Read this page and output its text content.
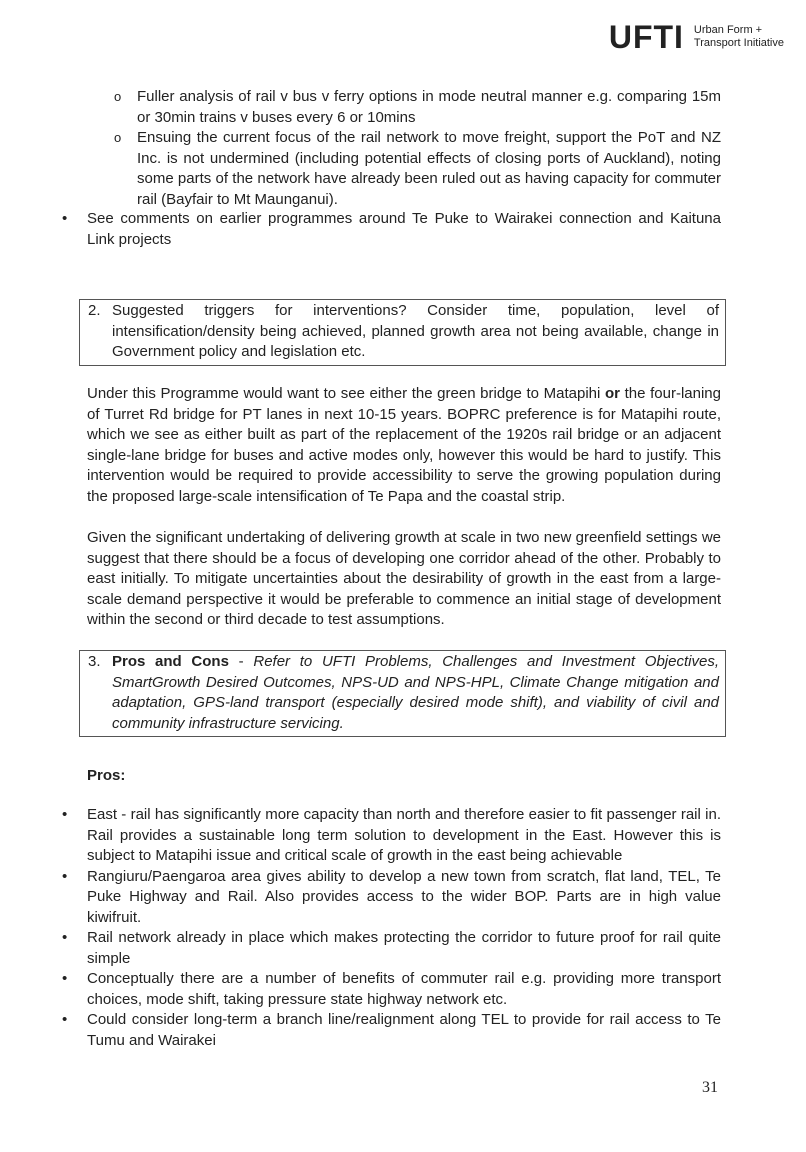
UFTI Urban Form +
Transport Initiative
o Fuller analysis of rail v bus v ferry options in mode neutral manner e.g. comparing 15m or 30min trains v buses every 6 or 10mins
o Ensuing the current focus of the rail network to move freight, support the PoT and NZ Inc. is not undermined (including potential effects of closing ports of Auckland), noting some parts of the network have already been ruled out as having capacity for commuter rail (Bayfair to Mt Maunganui).
• See comments on earlier programmes around Te Puke to Wairakei connection and Kaituna Link projects
2. Suggested triggers for interventions? Consider time, population, level of intensification/density being achieved, planned growth area not being available, change in Government policy and legislation etc.
Under this Programme would want to see either the green bridge to Matapihi or the four-laning of Turret Rd bridge for PT lanes in next 10-15 years. BOPRC preference is for Matapihi route, which we see as either built as part of the replacement of the 1920s rail bridge or an adjacent single-lane bridge for buses and active modes only, however this would be hard to justify. This intervention would be required to provide accessibility to serve the growing population during the proposed large-scale intensification of Te Papa and the coastal strip.
Given the significant undertaking of delivering growth at scale in two new greenfield settings we suggest that there should be a focus of developing one corridor ahead of the other. Probably to east initially. To mitigate uncertainties about the desirability of growth in the east from a large-scale demand perspective it would be preferable to commence an initial stage of development within the second or third decade to test assumptions.
3. Pros and Cons - Refer to UFTI Problems, Challenges and Investment Objectives, SmartGrowth Desired Outcomes, NPS-UD and NPS-HPL, Climate Change mitigation and adaptation, GPS-land transport (especially desired mode shift), and viability of civil and community infrastructure servicing.
Pros:
• East - rail has significantly more capacity than north and therefore easier to fit passenger rail in. Rail provides a sustainable long term solution to development in the East. However this is subject to Matapihi issue and critical scale of growth in the east being achievable
• Rangiuru/Paengaroa area gives ability to develop a new town from scratch, flat land, TEL, Te Puke Highway and Rail. Also provides access to the wider BOP. Parts are in high value kiwifruit.
• Rail network already in place which makes protecting the corridor to future proof for rail quite simple
• Conceptually there are a number of benefits of commuter rail e.g. providing more transport choices, mode shift, taking pressure state highway network etc.
• Could consider long-term a branch line/realignment along TEL to provide for rail access to Te Tumu and Wairakei
31
